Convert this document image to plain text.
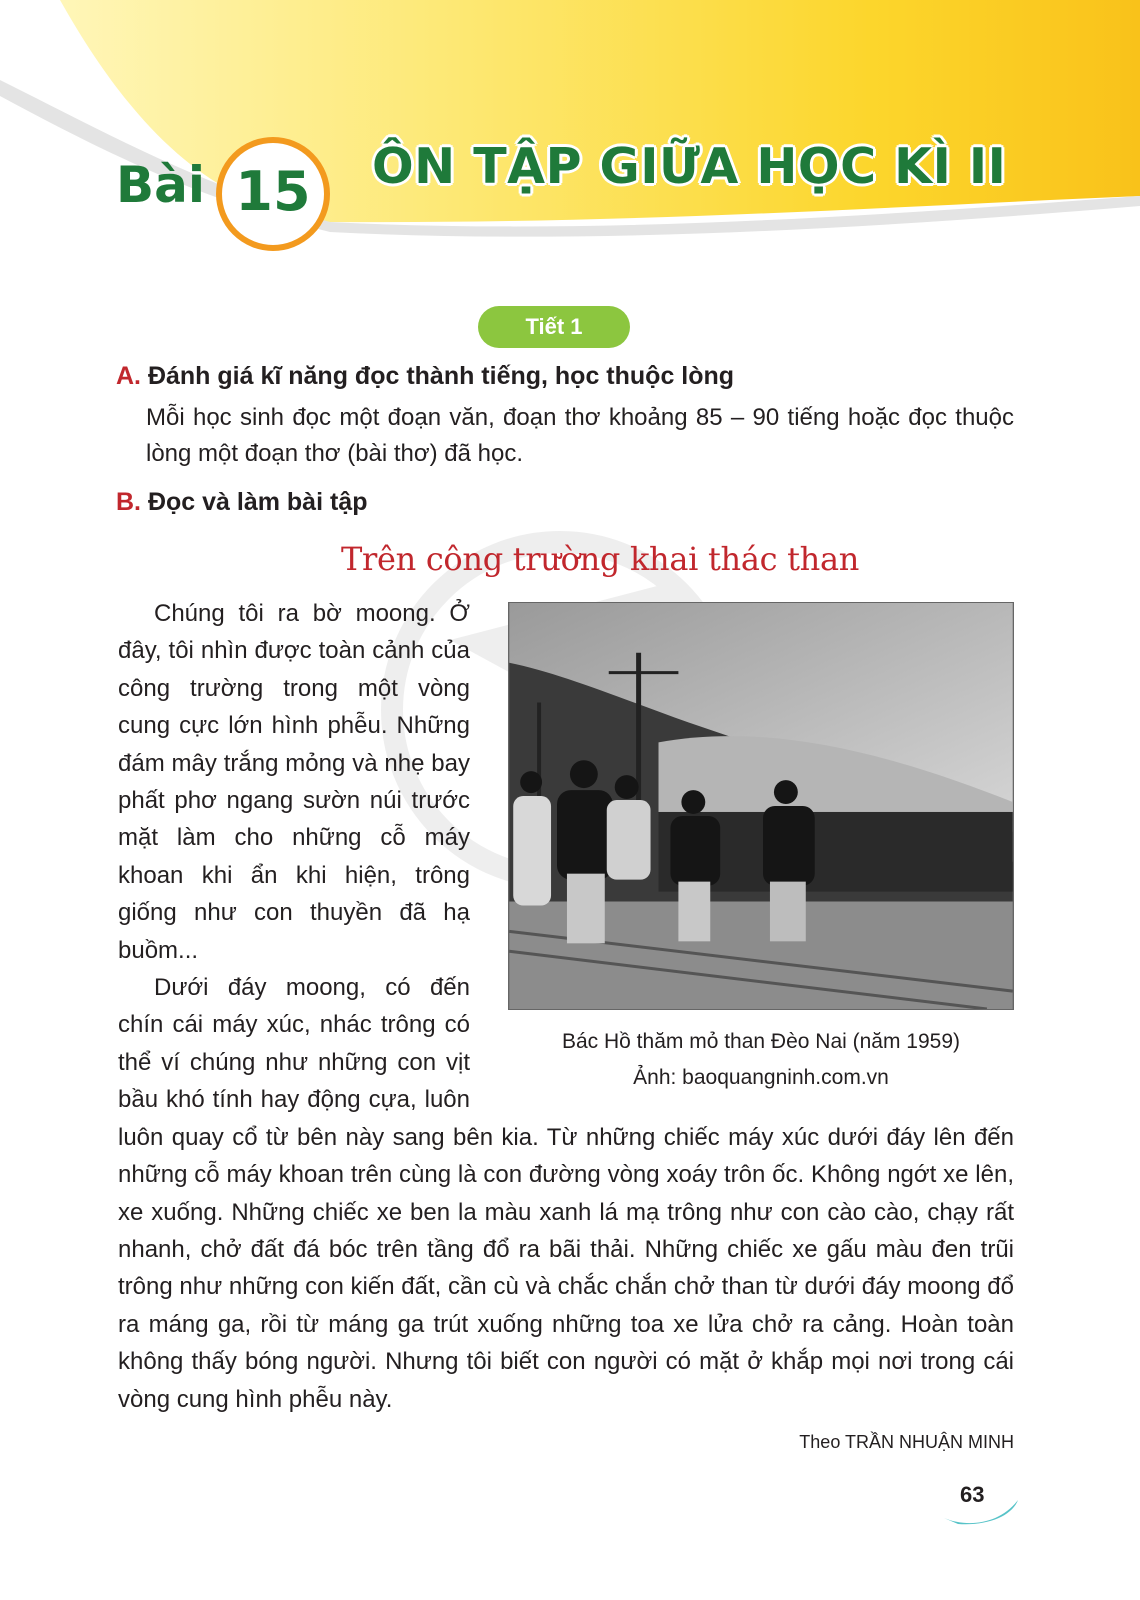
Bài 15 ÔN TẬP GIỮA HỌC KÌ II
Tiết 1
A. Đánh giá kĩ năng đọc thành tiếng, học thuộc lòng
Mỗi học sinh đọc một đoạn văn, đoạn thơ khoảng 85 – 90 tiếng hoặc đọc thuộc lòng một đoạn thơ (bài thơ) đã học.
B. Đọc và làm bài tập
Trên công trường khai thác than
Bác Hồ thăm mỏ than Đèo Nai (năm 1959)
Ảnh: baoquangninh.com.vn

Chúng tôi ra bờ moong. Ở đây, tôi nhìn được toàn cảnh của công trường trong một vòng cung cực lớn hình phễu. Những đám mây trắng mỏng và nhẹ bay phất phơ ngang sườn núi trước mặt làm cho những cỗ máy khoan khi ẩn khi hiện, trông giống như con thuyền đã hạ buồm...

Dưới đáy moong, có đến chín cái máy xúc, nhác trông có thể ví chúng như những con vịt bầu khó tính hay động cựa, luôn luôn quay cổ từ bên này sang bên kia. Từ những chiếc máy xúc dưới đáy lên đến những cỗ máy khoan trên cùng là con đường vòng xoáy trôn ốc. Không ngớt xe lên, xe xuống. Những chiếc xe ben la màu xanh lá mạ trông như con cào cào, chạy rất nhanh, chở đất đá bóc trên tầng đổ ra bãi thải. Những chiếc xe gấu màu đen trũi trông như những con kiến đất, cần cù và chắc chắn chở than từ dưới đáy moong đổ ra máng ga, rồi từ máng ga trút xuống những toa xe lửa chở ra cảng. Hoàn toàn không thấy bóng người. Nhưng tôi biết con người có mặt ở khắp mọi nơi trong cái vòng cung hình phễu này.

Theo TRẦN NHUẬN MINH
63
